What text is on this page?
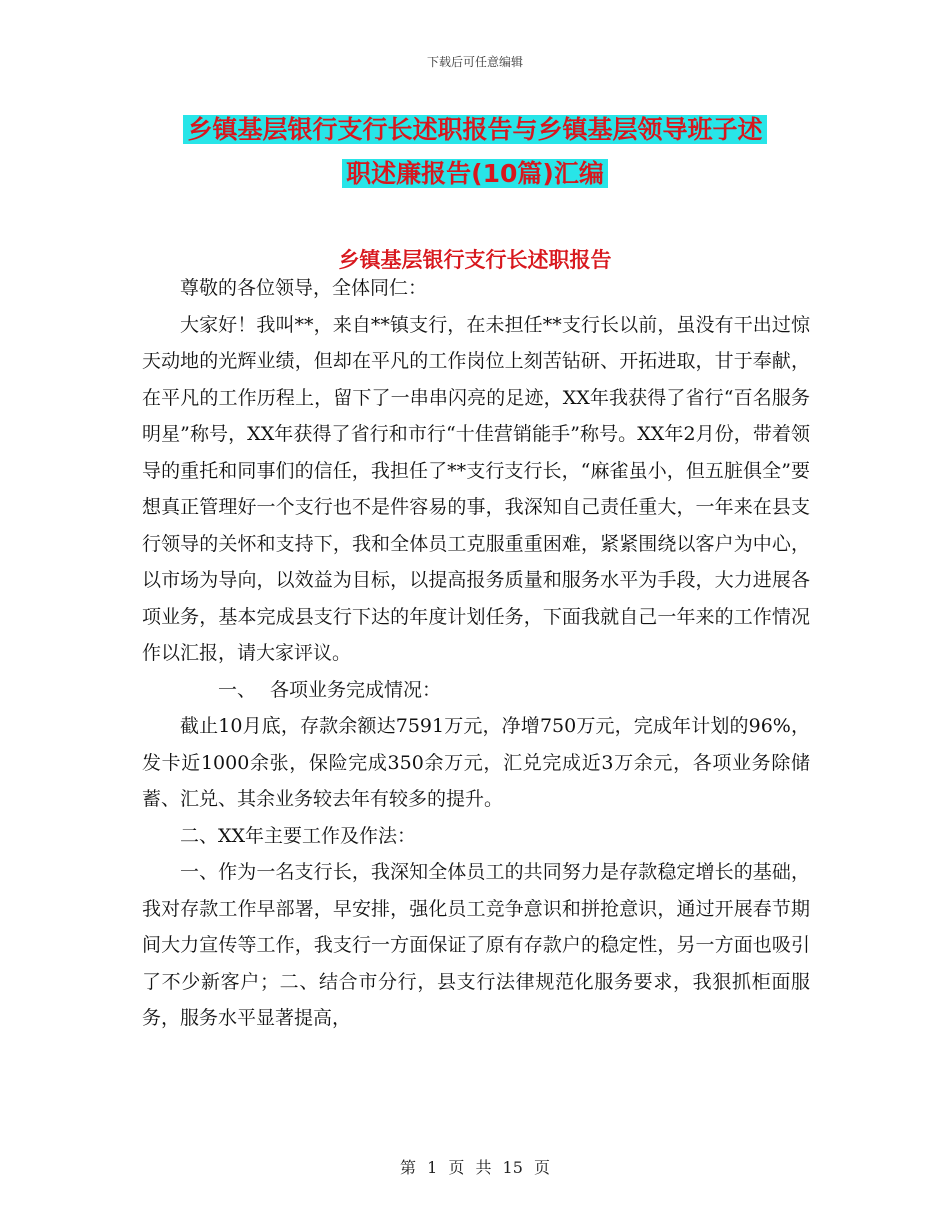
下载后可任意编辑
乡镇基层银行支行长述职报告与乡镇基层领导班子述
职述廉报告(10篇)汇编
乡镇基层银行支行长述职报告

尊敬的各位领导，全体同仁：

大家好！我叫**，来自**镇支行，在未担任**支行长以前，虽没有干出过惊天动地的光辉业绩，但却在平凡的工作岗位上刻苦钻研、开拓进取，甘于奉献，在平凡的工作历程上，留下了一串串闪亮的足迹，XX年我获得了省行“百名服务明星”称号，XX年获得了省行和市行“十佳营销能手”称号。XX年2月份，带着领导的重托和同事们的信任，我担任了**支行支行长，“麻雀虽小，但五脏俱全”要想真正管理好一个支行也不是件容易的事，我深知自己责任重大，一年来在县支行领导的关怀和支持下，我和全体员工克服重重困难，紧紧围绕以客户为中心，以市场为导向，以效益为目标，以提高报务质量和服务水平为手段，大力进展各项业务，基本完成县支行下达的年度计划任务，下面我就自己一年来的工作情况作以汇报，请大家评议。

一、 各项业务完成情况：

截止10月底，存款余额达7591万元，净增750万元，完成年计划的96%，发卡近1000余张，保险完成350余万元，汇兑完成近3万余元，各项业务除储蓄、汇兑、其余业务较去年有较多的提升。

二、XX年主要工作及作法：

一、作为一名支行长，我深知全体员工的共同努力是存款稳定增长的基础，我对存款工作早部署，早安排，强化员工竞争意识和拼抢意识，通过开展春节期间大力宣传等工作，我支行一方面保证了原有存款户的稳定性，另一方面也吸引了不少新客户；二、结合市分行，县支行法律规范化服务要求，我狠抓柜面服务，服务水平显著提高，

第 1 页 共 15 页
